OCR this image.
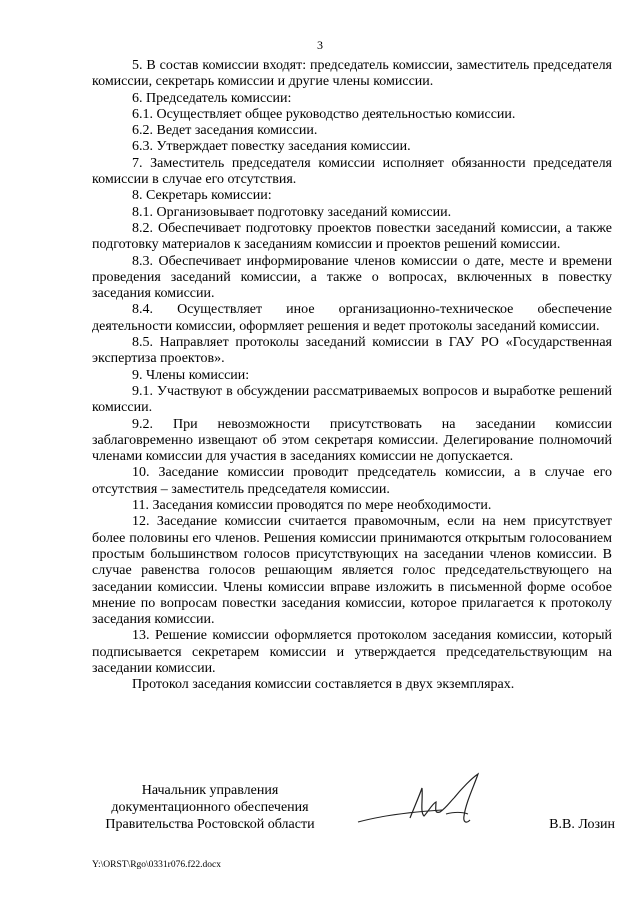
3

5. В состав комиссии входят: председатель комиссии, заместитель председателя комиссии, секретарь комиссии и другие члены комиссии.

6. Председатель комиссии:

6.1. Осуществляет общее руководство деятельностью комиссии.

6.2. Ведет заседания комиссии.

6.3. Утверждает повестку заседания комиссии.

7. Заместитель председателя комиссии исполняет обязанности председателя комиссии в случае его отсутствия.

8. Секретарь комиссии:

8.1. Организовывает подготовку заседаний комиссии.

8.2. Обеспечивает подготовку проектов повестки заседаний комиссии, а также подготовку материалов к заседаниям комиссии и проектов решений комиссии.

8.3. Обеспечивает информирование членов комиссии о дате, месте и времени проведения заседаний комиссии, а также о вопросах, включенных в повестку заседания комиссии.

8.4. Осуществляет иное организационно-техническое обеспечение деятельности комиссии, оформляет решения и ведет протоколы заседаний комиссии.

8.5. Направляет протоколы заседаний комиссии в ГАУ РО «Государственная экспертиза проектов».

9. Члены комиссии:

9.1. Участвуют в обсуждении рассматриваемых вопросов и выработке решений комиссии.

9.2. При невозможности присутствовать на заседании комиссии заблаговременно извещают об этом секретаря комиссии. Делегирование полномочий членами комиссии для участия в заседаниях комиссии не допускается.

10. Заседание комиссии проводит председатель комиссии, а в случае его отсутствия – заместитель председателя комиссии.

11. Заседания комиссии проводятся по мере необходимости.

12. Заседание комиссии считается правомочным, если на нем присутствует более половины его членов. Решения комиссии принимаются открытым голосованием простым большинством голосов присутствующих на заседании членов комиссии. В случае равенства голосов решающим является голос председательствующего на заседании комиссии. Члены комиссии вправе изложить в письменной форме особое мнение по вопросам повестки заседания комиссии, которое прилагается к протоколу заседания комиссии.

13. Решение комиссии оформляется протоколом заседания комиссии, который подписывается секретарем комиссии и утверждается председательствующим на заседании комиссии.

Протокол заседания комиссии составляется в двух экземплярах.

Начальник управления
документационного обеспечения
Правительства Ростовской области	В.В. Лозин
Y:\ORST\Rgo\0331r076.f22.docx
